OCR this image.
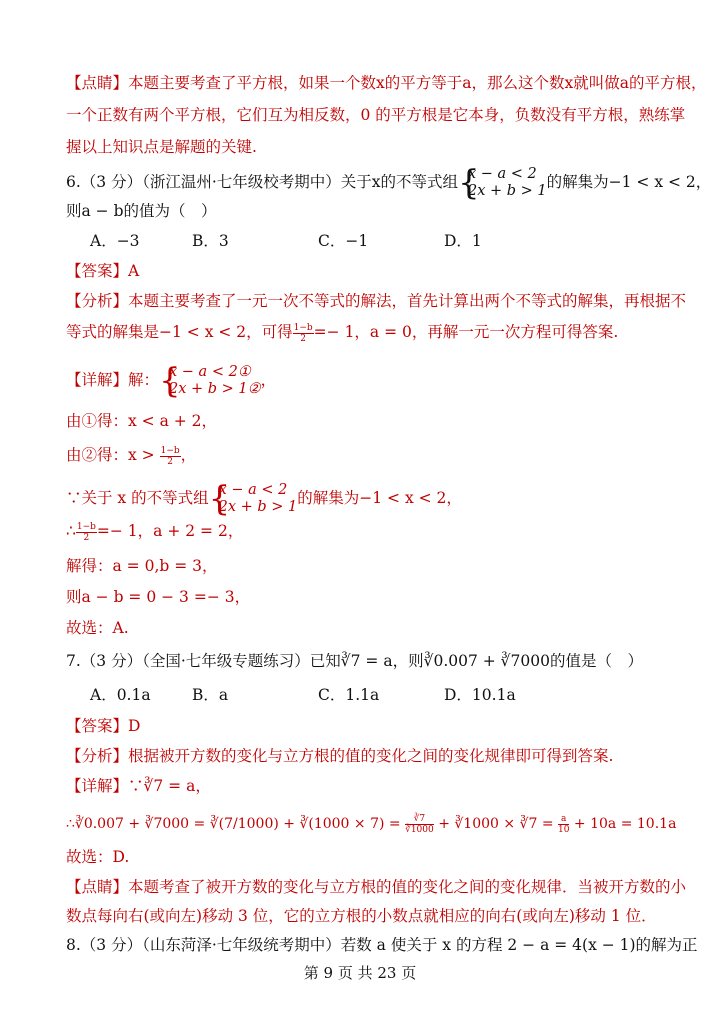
【点睛】本题主要考查了平方根，如果一个数x的平方等于a，那么这个数x就叫做a的平方根，
一个正数有两个平方根，它们互为相反数，0 的平方根是它本身，负数没有平方根，熟练掌
握以上知识点是解题的关键.
6.（3 分）（浙江温州·七年级校考期中）关于x的不等式组 {
x − a < 2
2x + b > 1 的解集为−1 < x < 2，
则a − b的值为（　）
A．−3	B．3	C．−1	D．1
【答案】A
【分析】本题主要考查了一元一次不等式的解法，首先计算出两个不等式的解集，再根据不
等式的解集是−1 < x < 2，可得 $\frac{1-b}{2} =- 1$，a = 0，再解一元一次方程可得答案.
【详解】解： {
x − a < 2①
2x + b > 1② ，
由①得：x < a + 2，
由②得：$x > \frac{1-b}{2}$ ，
∵关于 x 的不等式组 {
x − a < 2
2x + b > 1 的解集为−1 < x < 2，
∴ $\frac{1-b}{2} =- 1$，a + 2 = 2，
解得：a = 0,b = 3，
则a − b = 0 − 3 =− 3，
故选：A.
7.（3 分）（全国·七年级专题练习）已知∛7 = a，则∛0.007 + ∛7000的值是（　）
A．0.1a	B．a	C．1.1a	D．10.1a
【答案】D
【分析】根据被开方数的变化与立方根的值的变化之间的变化规律即可得到答案.
【详解】∵∛7 = a，
∴∛0.007 + ∛7000 = ∛(7/1000) + ∛(1000 × $7) = \frac{∛7}{∛1000}$ + ∛1000 × ∛7 = $\frac{a}{10} + 10a = 10.1a$
故选：D.
【点睛】本题考查了被开方数的变化与立方根的值的变化之间的变化规律．当被开方数的小
数点每向右(或向左)移动 3 位，它的立方根的小数点就相应的向右(或向左)移动 1 位．
8.（3 分）（山东菏泽·七年级统考期中）若数 a 使关于 x 的方程 2 − a = 4(x − 1)的解为正
第 9 页 共 23 页
